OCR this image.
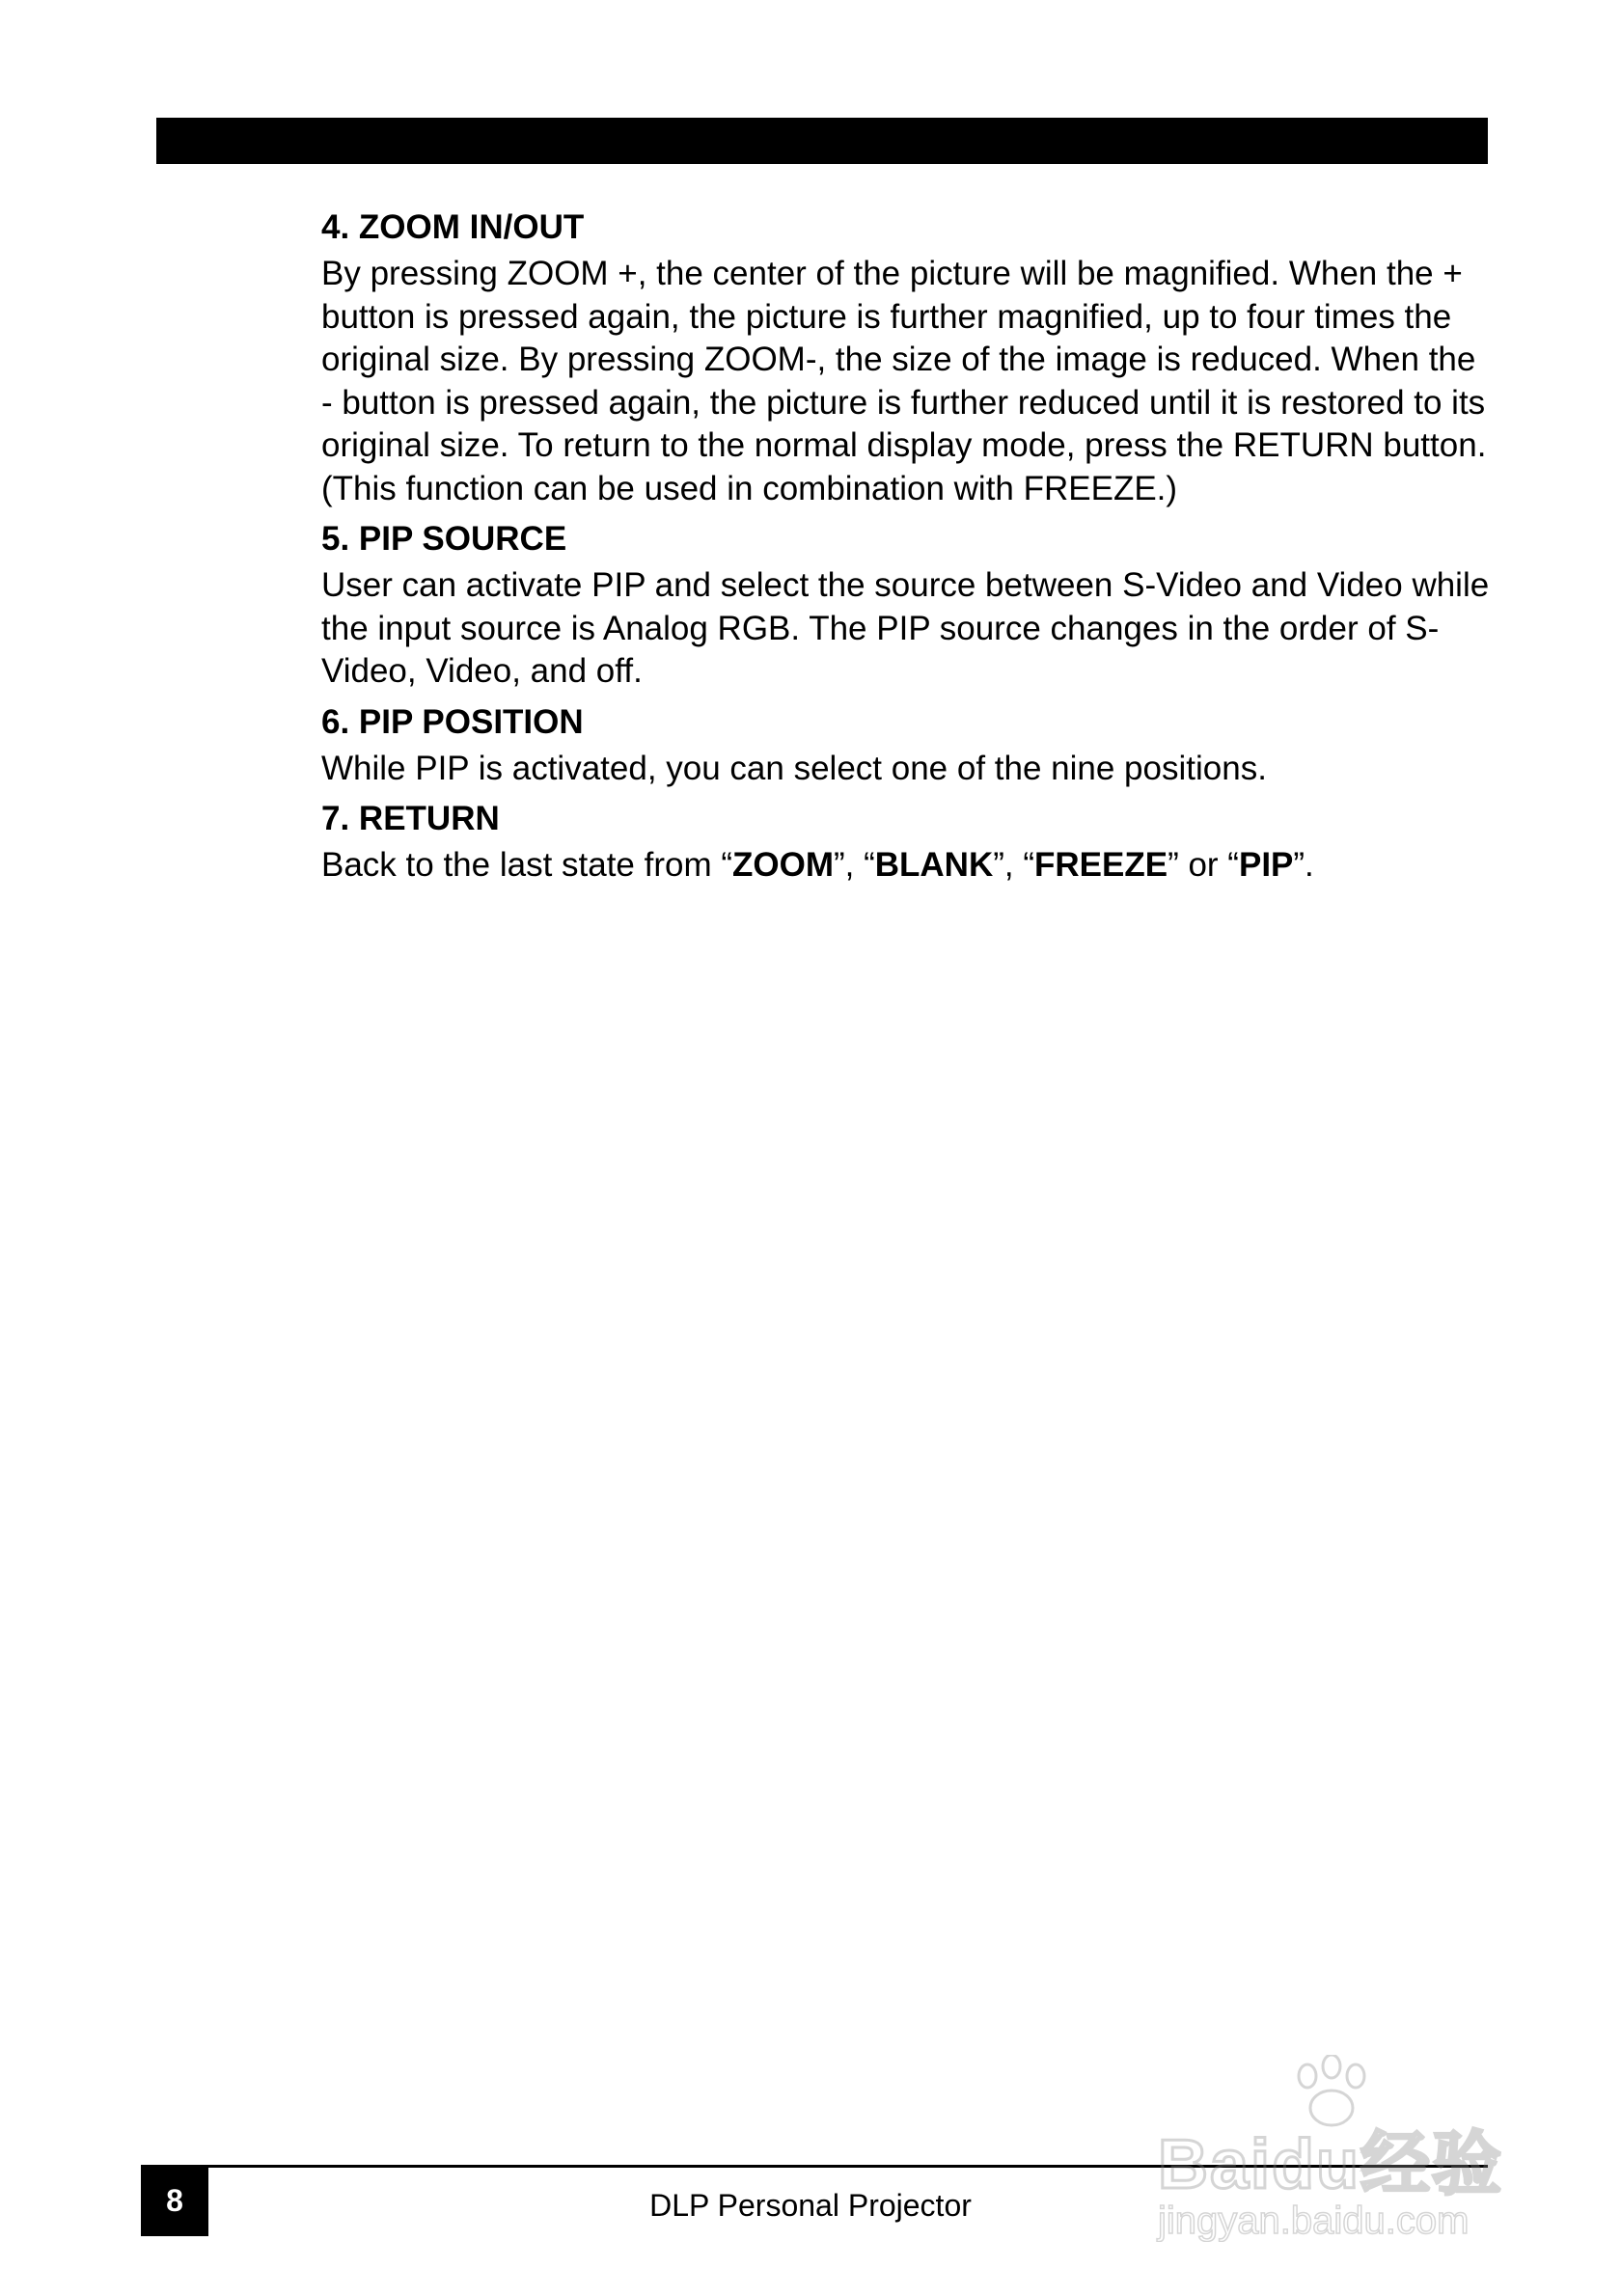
4. ZOOM IN/OUT

By pressing ZOOM +, the center of the picture will be magnified. When the + button is pressed again, the picture is further magnified, up to four times the original size. By pressing ZOOM-, the size of the image is reduced. When the - button is pressed again, the picture is further reduced until it is restored to its original size. To return to the normal display mode, press the RETURN button. (This function can be used in combination with FREEZE.)

5. PIP SOURCE

User can activate PIP and select the source between S-Video and Video while the input source is Analog RGB. The PIP source changes in the order of S-Video, Video, and off.

6. PIP POSITION

While PIP is activated, you can select one of the nine positions.

7. RETURN

Back to the last state from “ZOOM”, “BLANK”, “FREEZE” or “PIP”.

8	DLP Personal Projector
Baidu经验
jingyan.baidu.com
